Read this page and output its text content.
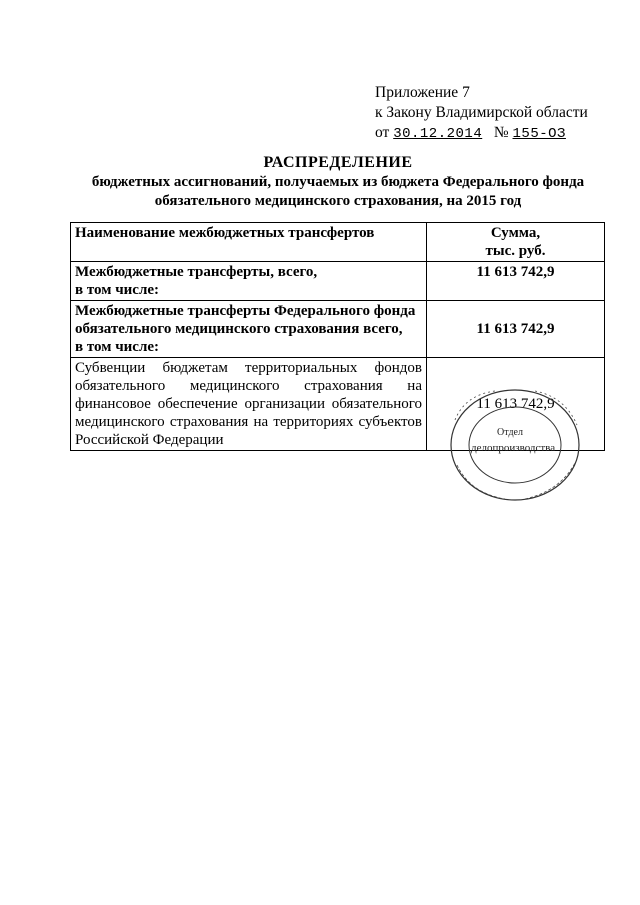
Приложение 7
к Закону Владимирской области
от 30.12.2014 № 155-ОЗ
РАСПРЕДЕЛЕНИЕ
бюджетных ассигнований, получаемых из бюджета Федерального фонда
обязательного медицинского страхования, на 2015 год
Наименование межбюджетных трансфертов	Сумма,
тыс. руб.

Межбюджетные трансферты, всего,
в том числе:	11 613 742,9

Межбюджетные трансферты Федерального фонда обязательного медицинского страхования всего,
в том числе:	11 613 742,9
Субвенции бюджетам территориальных фондов обязательного медицинского страхования на финансовое обеспечение организации обязательного медицинского страхования на территориях субъектов Российской Федерации	11 613 742,9
Отдел
делопроизводства
